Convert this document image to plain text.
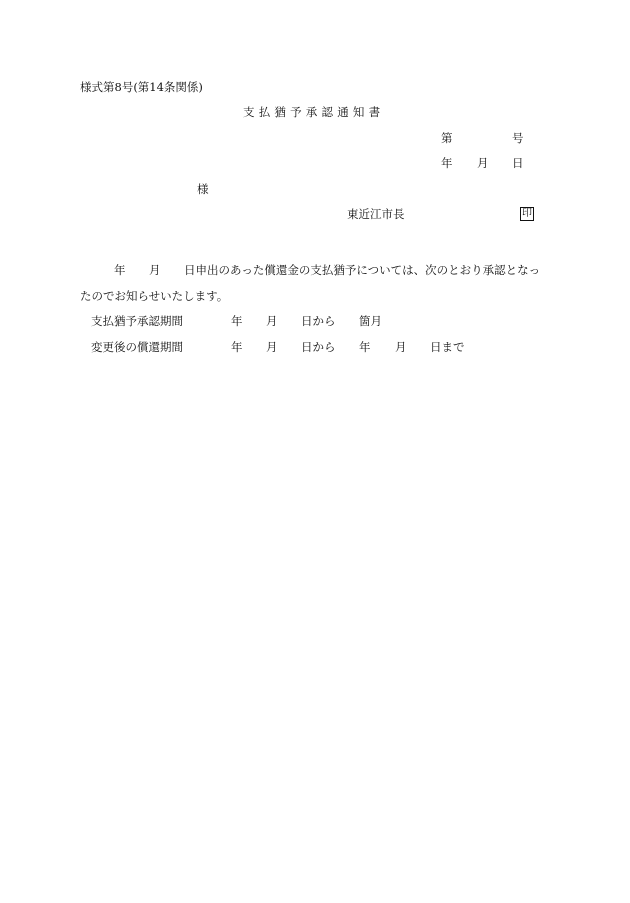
様式第8号(第14条関係)
支払猶予承認通知書
第	号
年 月 日
様
東近江市長	印
年 月 日申出のあった償還金の支払猶予については、次のとおり承認となっ
たのでお知らせいたします。
支払猶予承認期間	年 月 日から 箇月
変更後の償還期間	年 月 日から 年 月 日まで
